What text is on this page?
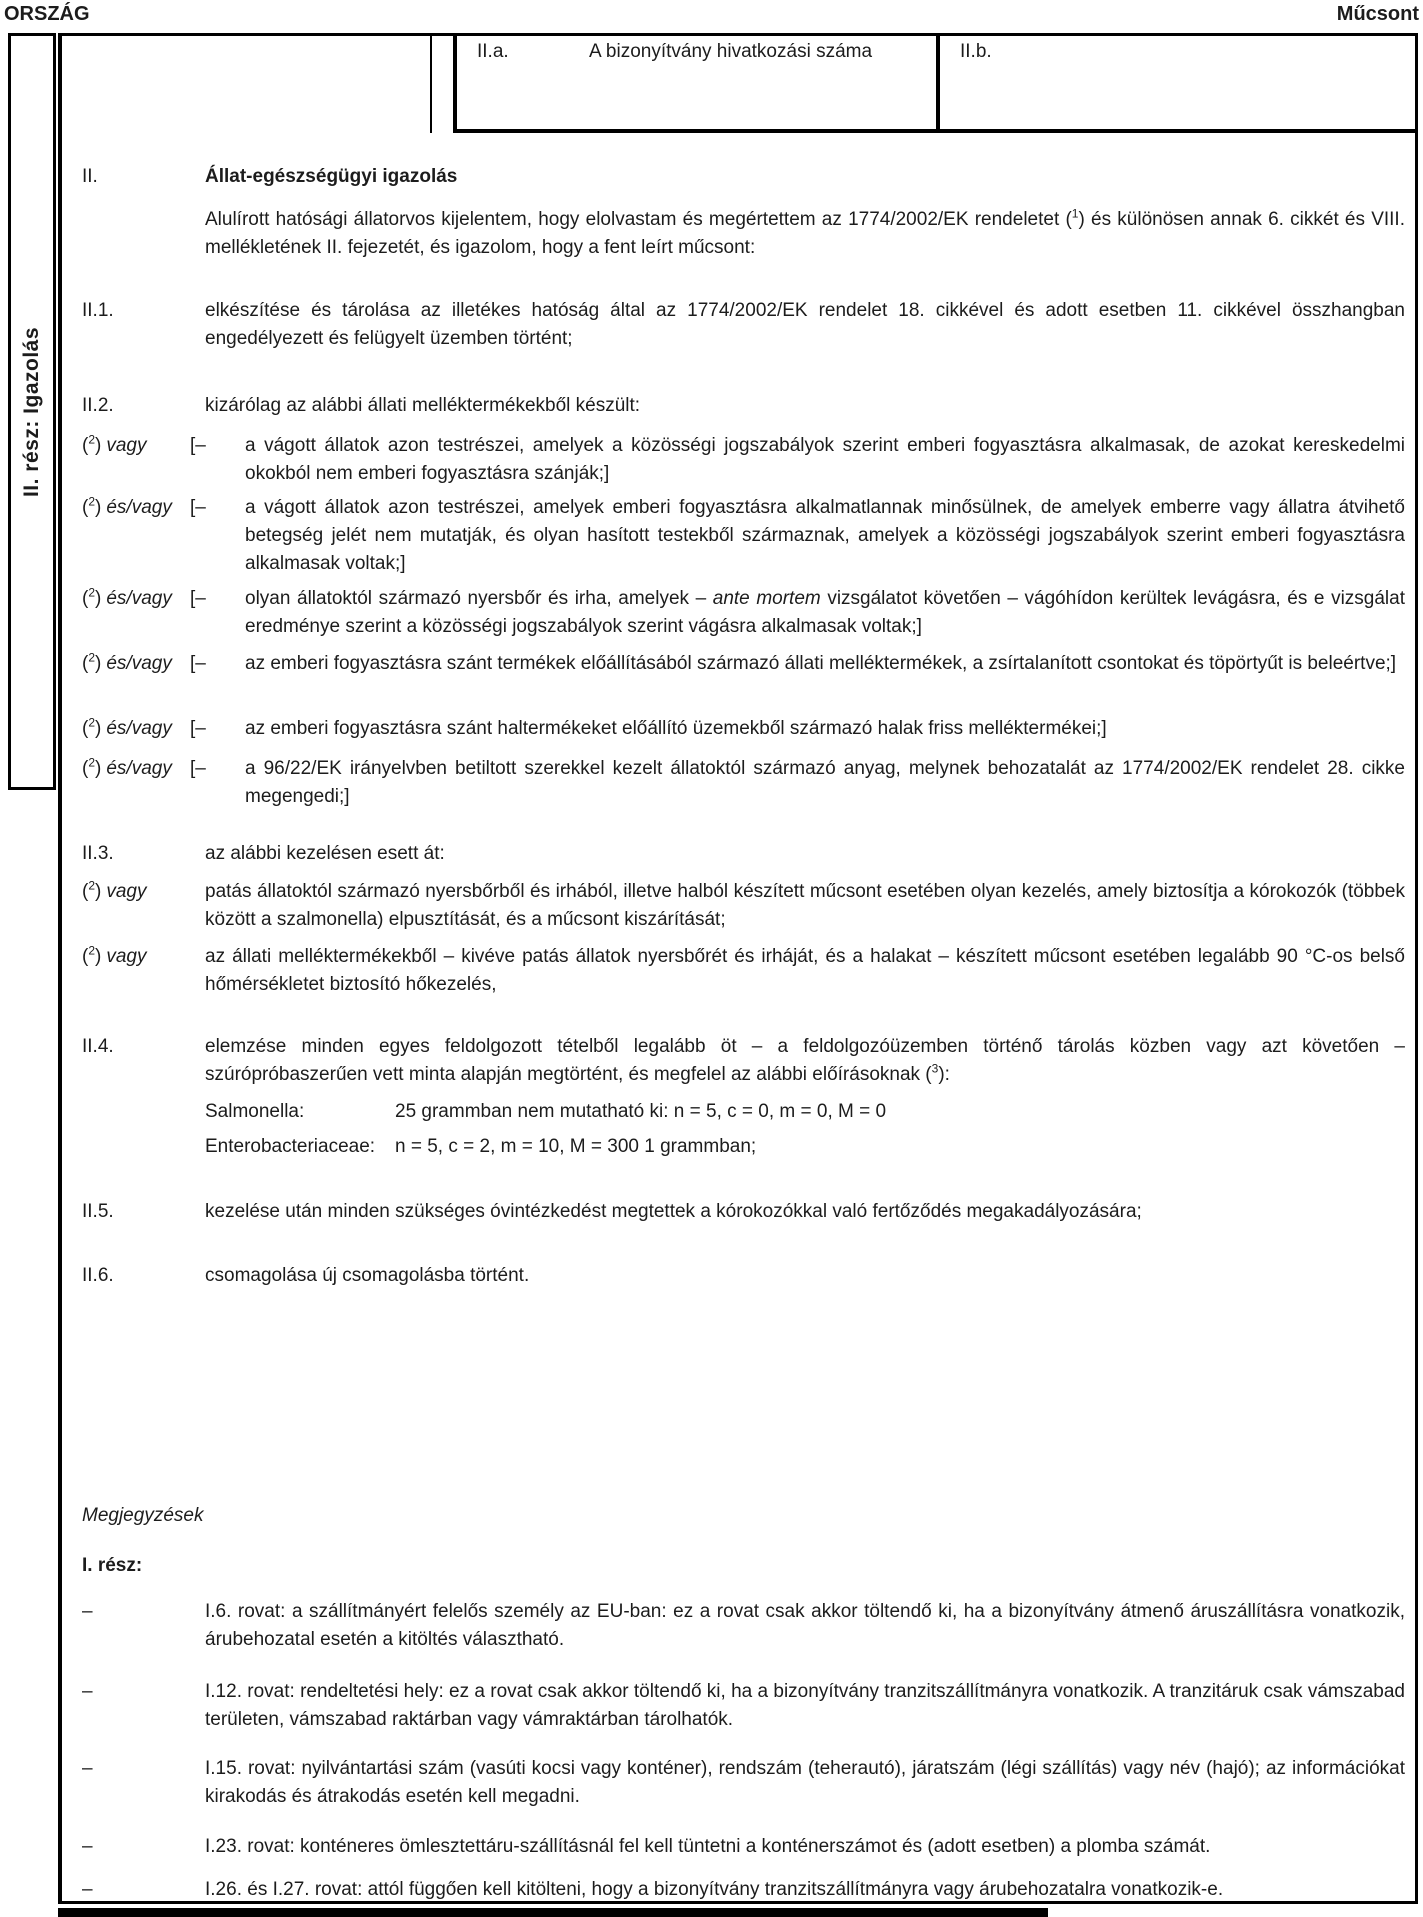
ORSZÁG	Műcsont
II. rész: Igazolás
II.a.	A bizonyítvány hivatkozási száma	II.b.
II.	Állat-egészségügyi igazolás
Alulírott hatósági állatorvos kijelentem, hogy elolvastam és megértettem az 1774/2002/EK rendeletet ($^1$) és különösen annak 6. cikkét és VIII. mellékletének II. fejezetét, és igazolom, hogy a fent leírt műcsont:
II.1.	elkészítése és tárolása az illetékes hatóság által az 1774/2002/EK rendelet 18. cikkével és adott esetben 11. cikkével összhangban engedélyezett és felügyelt üzemben történt;
II.2.	kizárólag az alábbi állati melléktermékekből készült:
($^2$) vagy [– a vágott állatok azon testrészei, amelyek a közösségi jogszabályok szerint emberi fogyasztásra alkalmasak, de azokat kereskedelmi okokból nem emberi fogyasztásra szánják;]
($^2$) és/vagy [– a vágott állatok azon testrészei, amelyek emberi fogyasztásra alkalmatlannak minősülnek, de amelyek emberre vagy állatra átvihető betegség jelét nem mutatják, és olyan hasított testekből származnak, amelyek a közösségi jogszabályok szerint emberi fogyasztásra alkalmasak voltak;]
($^2$) és/vagy [– olyan állatoktól származó nyersbőr és irha, amelyek – ante mortem vizsgálatot követően – vágóhídon kerültek levágásra, és e vizsgálat eredménye szerint a közösségi jogszabályok szerint vágásra alkalmasak voltak;]
($^2$) és/vagy [– az emberi fogyasztásra szánt termékek előállításából származó állati melléktermékek, a zsírtalanított csontokat és töpörtyűt is beleértve;]
($^2$) és/vagy [– az emberi fogyasztásra szánt haltermékeket előállító üzemekből származó halak friss melléktermékei;]
($^2$) és/vagy [– a 96/22/EK irányelvben betiltott szerekkel kezelt állatoktól származó anyag, melynek behozatalát az 1774/2002/EK rendelet 28. cikke megengedi;]
II.3.	az alábbi kezelésen esett át:
($^2$) vagy	patás állatoktól származó nyersbőrből és irhából, illetve halból készített műcsont esetében olyan kezelés, amely biztosítja a kórokozók (többek között a szalmonella) elpusztítását, és a műcsont kiszárítását;
($^2$) vagy	az állati melléktermékekből – kivéve patás állatok nyersbőrét és irháját, és a halakat – készített műcsont esetében legalább 90 °C-os belső hőmérsékletet biztosító hőkezelés,
II.4.	elemzése minden egyes feldolgozott tételből legalább öt – a feldolgozóüzemben történő tárolás közben vagy azt követően – szúrópróbaszerűen vett minta alapján megtörtént, és megfelel az alábbi előírásoknak ($^3$):
Salmonella:	25 grammban nem mutatható ki: n = 5, c = 0, m = 0, M = 0
Enterobacteriaceae: n = 5, c = 2, m = 10, M = 300 1 grammban;
II.5.	kezelése után minden szükséges óvintézkedést megtettek a kórokozókkal való fertőződés megakadályozására;
II.6.	csomagolása új csomagolásba történt.
Megjegyzések
I. rész:
–	I.6. rovat: a szállítmányért felelős személy az EU-ban: ez a rovat csak akkor töltendő ki, ha a bizonyítvány átmenő áruszállításra vonatkozik, árubehozatal esetén a kitöltés választható.
–	I.12. rovat: rendeltetési hely: ez a rovat csak akkor töltendő ki, ha a bizonyítvány tranzitszállítmányra vonatkozik. A tranzitáruk csak vámszabad területen, vámszabad raktárban vagy vámraktárban tárolhatók.
–	I.15. rovat: nyilvántartási szám (vasúti kocsi vagy konténer), rendszám (teherautó), járatszám (légi szállítás) vagy név (hajó); az információkat kirakodás és átrakodás esetén kell megadni.
–	I.23. rovat: konténeres ömlesztettáru-szállításnál fel kell tüntetni a konténerszámot és (adott esetben) a plomba számát.
–	I.26. és I.27. rovat: attól függően kell kitölteni, hogy a bizonyítvány tranzitszállítmányra vagy árubehozatalra vonatkozik-e.
